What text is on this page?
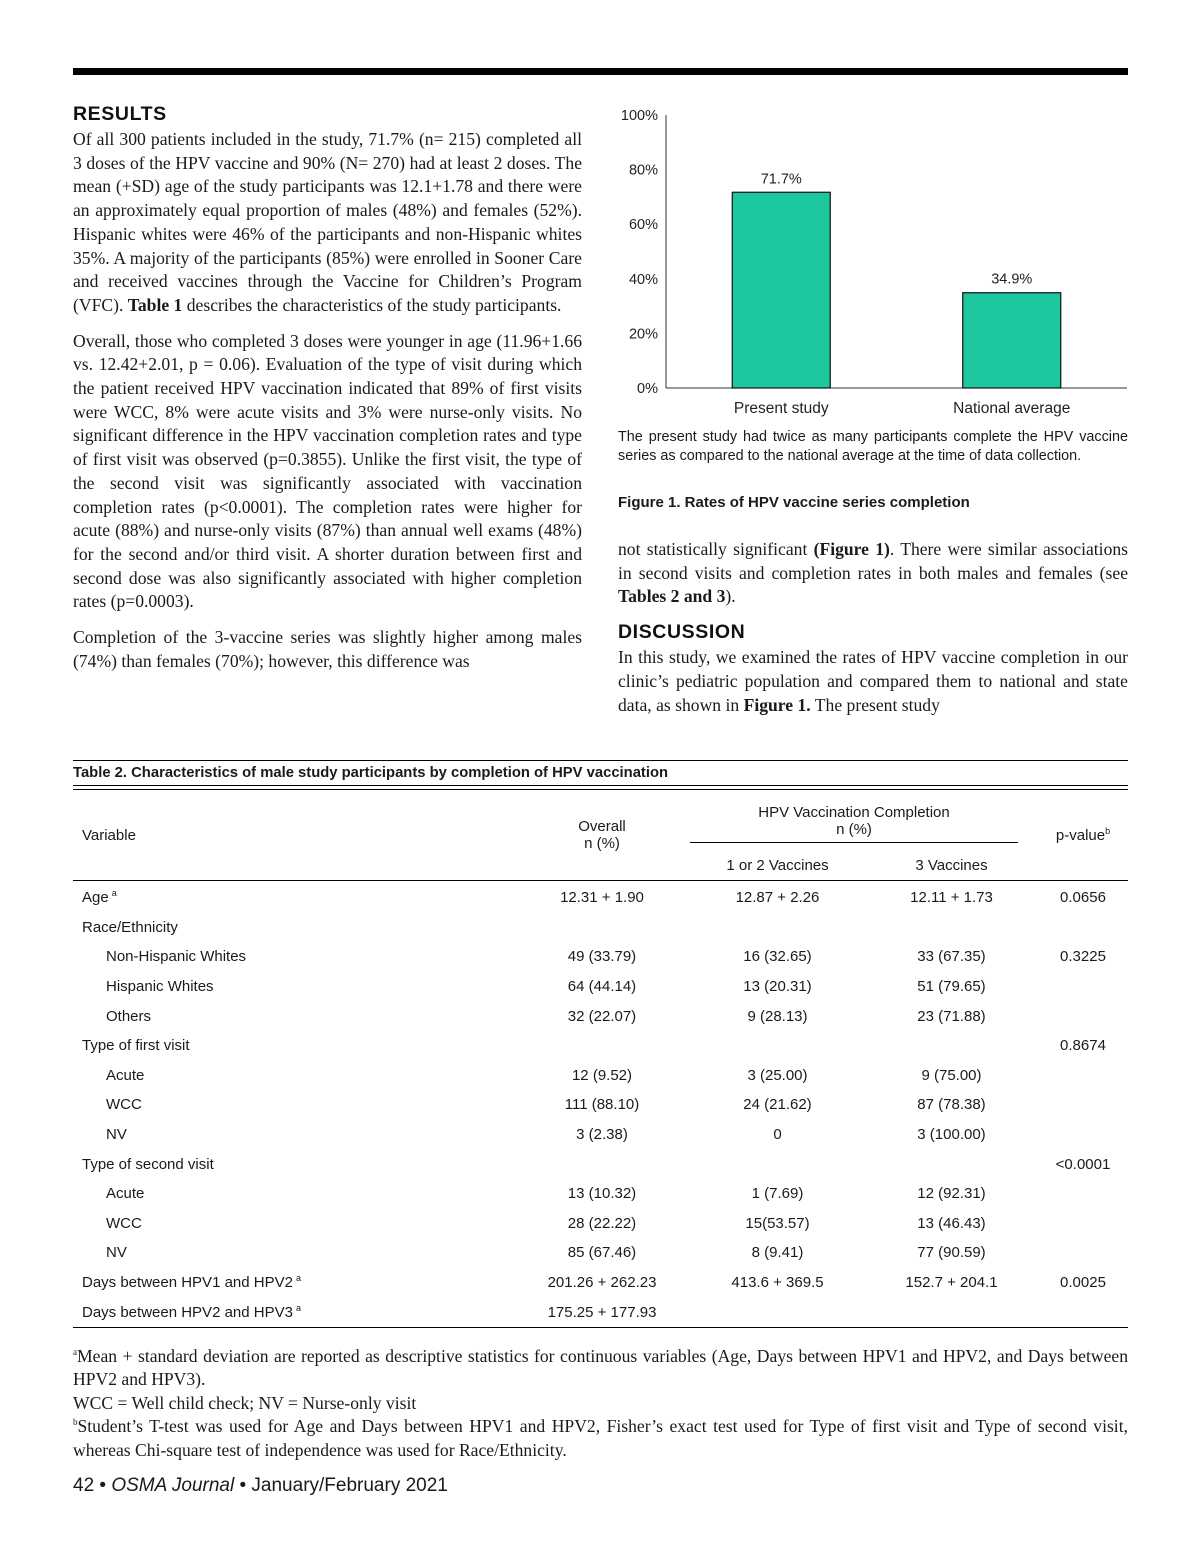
RESULTS

Of all 300 patients included in the study, 71.7% (n= 215) completed all 3 doses of the HPV vaccine and 90% (N= 270) had at least 2 doses. The mean (+SD) age of the study participants was 12.1+1.78 and there were an approximately equal proportion of males (48%) and females (52%). Hispanic whites were 46% of the participants and non-Hispanic whites 35%. A majority of the participants (85%) were enrolled in Sooner Care and received vaccines through the Vaccine for Children’s Program (VFC). Table 1 describes the characteristics of the study participants.

Overall, those who completed 3 doses were younger in age (11.96+1.66 vs. 12.42+2.01, p = 0.06). Evaluation of the type of visit during which the patient received HPV vaccination indicated that 89% of first visits were WCC, 8% were acute visits and 3% were nurse-only visits. No significant difference in the HPV vaccination completion rates and type of first visit was observed (p=0.3855). Unlike the first visit, the type of the second visit was significantly associated with vaccination completion rates (p<0.0001). The completion rates were higher for acute (88%) and nurse-only visits (87%) than annual well exams (48%) for the second and/or third visit. A shorter duration between first and second dose was also significantly associated with higher completion rates (p=0.0003).

Completion of the 3-vaccine series was slightly higher among males (74%) than females (70%); however, this difference was

0%
20%
40%
60%
80%
100%
71.7%
Present study
34.9%
National average
The present study had twice as many participants complete the HPV vaccine series as compared to the national average at the time of data collection.
Figure 1. Rates of HPV vaccine series completion

not statistically significant (Figure 1). There were similar associations in second visits and completion rates in both males and females (see Tables 2 and 3).

DISCUSSION

In this study, we examined the rates of HPV vaccine completion in our clinic’s pediatric population and compared them to national and state data, as shown in Figure 1. The present study

Table 2. Characteristics of male study participants by completion of HPV vaccination
Variable	Overall
n (%)	HPV Vaccination Completion
n (%)		p-value$^b$
		1 or 2 Vaccines	3 Vaccines	

Age $^a$	12.31 + 1.90	12.87 + 2.26	12.11 + 1.73	0.0656
Race/Ethnicity				
Non-Hispanic Whites	49 (33.79)	16 (32.65)	33 (67.35)	0.3225
Hispanic Whites	64 (44.14)	13 (20.31)	51 (79.65)	
Others	32 (22.07)	9 (28.13)	23 (71.88)	
Type of first visit				0.8674
Acute	12 (9.52)	3 (25.00)	9 (75.00)	
WCC	111 (88.10)	24 (21.62)	87 (78.38)	
NV	3 (2.38)	0	3 (100.00)	
Type of second visit				<0.0001
Acute	13 (10.32)	1 (7.69)	12 (92.31)	
WCC	28 (22.22)	15(53.57)	13 (46.43)	
NV	85 (67.46)	8 (9.41)	77 (90.59)	
Days between HPV1 and HPV2 $^a$	201.26 + 262.23	413.6 + 369.5	152.7 + 204.1	0.0025
Days between HPV2 and HPV3 $^a$	175.25 + 177.93			

$^a$Mean + standard deviation are reported as descriptive statistics for continuous variables (Age, Days between HPV1 and HPV2, and Days between HPV2 and HPV3).

WCC = Well child check; NV = Nurse-only visit

$^b$Student’s T-test was used for Age and Days between HPV1 and HPV2, Fisher’s exact test used for Type of first visit and Type of second visit, whereas Chi-square test of independence was used for Race/Ethnicity.

42 • OSMA Journal • January/February 2021
